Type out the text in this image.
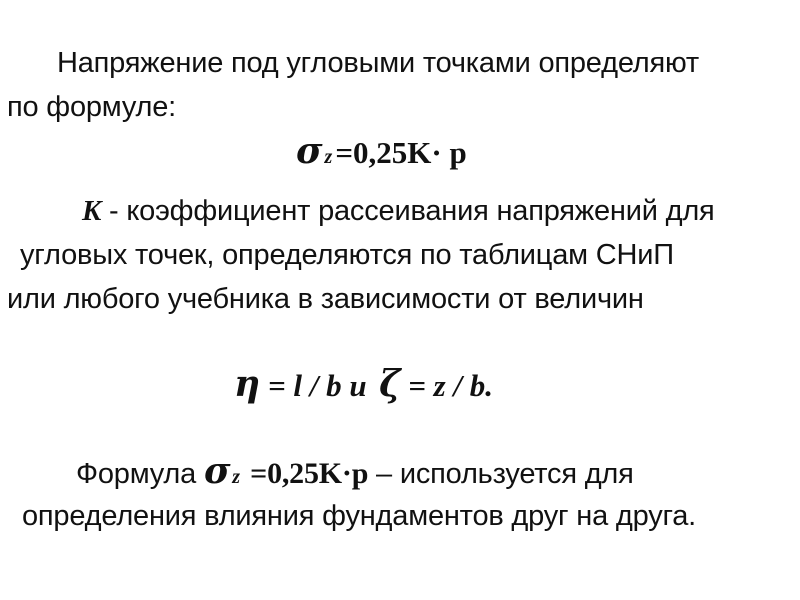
Напряжение под угловыми точками определяют
по формуле:
σz=0,25K· p
K - коэффициент рассеивания напряжений для
угловых точек, определяются по таблицам СНиП
или любого учебника в зависимости от величин
η = l / b и ζ = z / b.
Формула σ z =0,25K·p – используется для
определения влияния фундаментов друг на друга.
